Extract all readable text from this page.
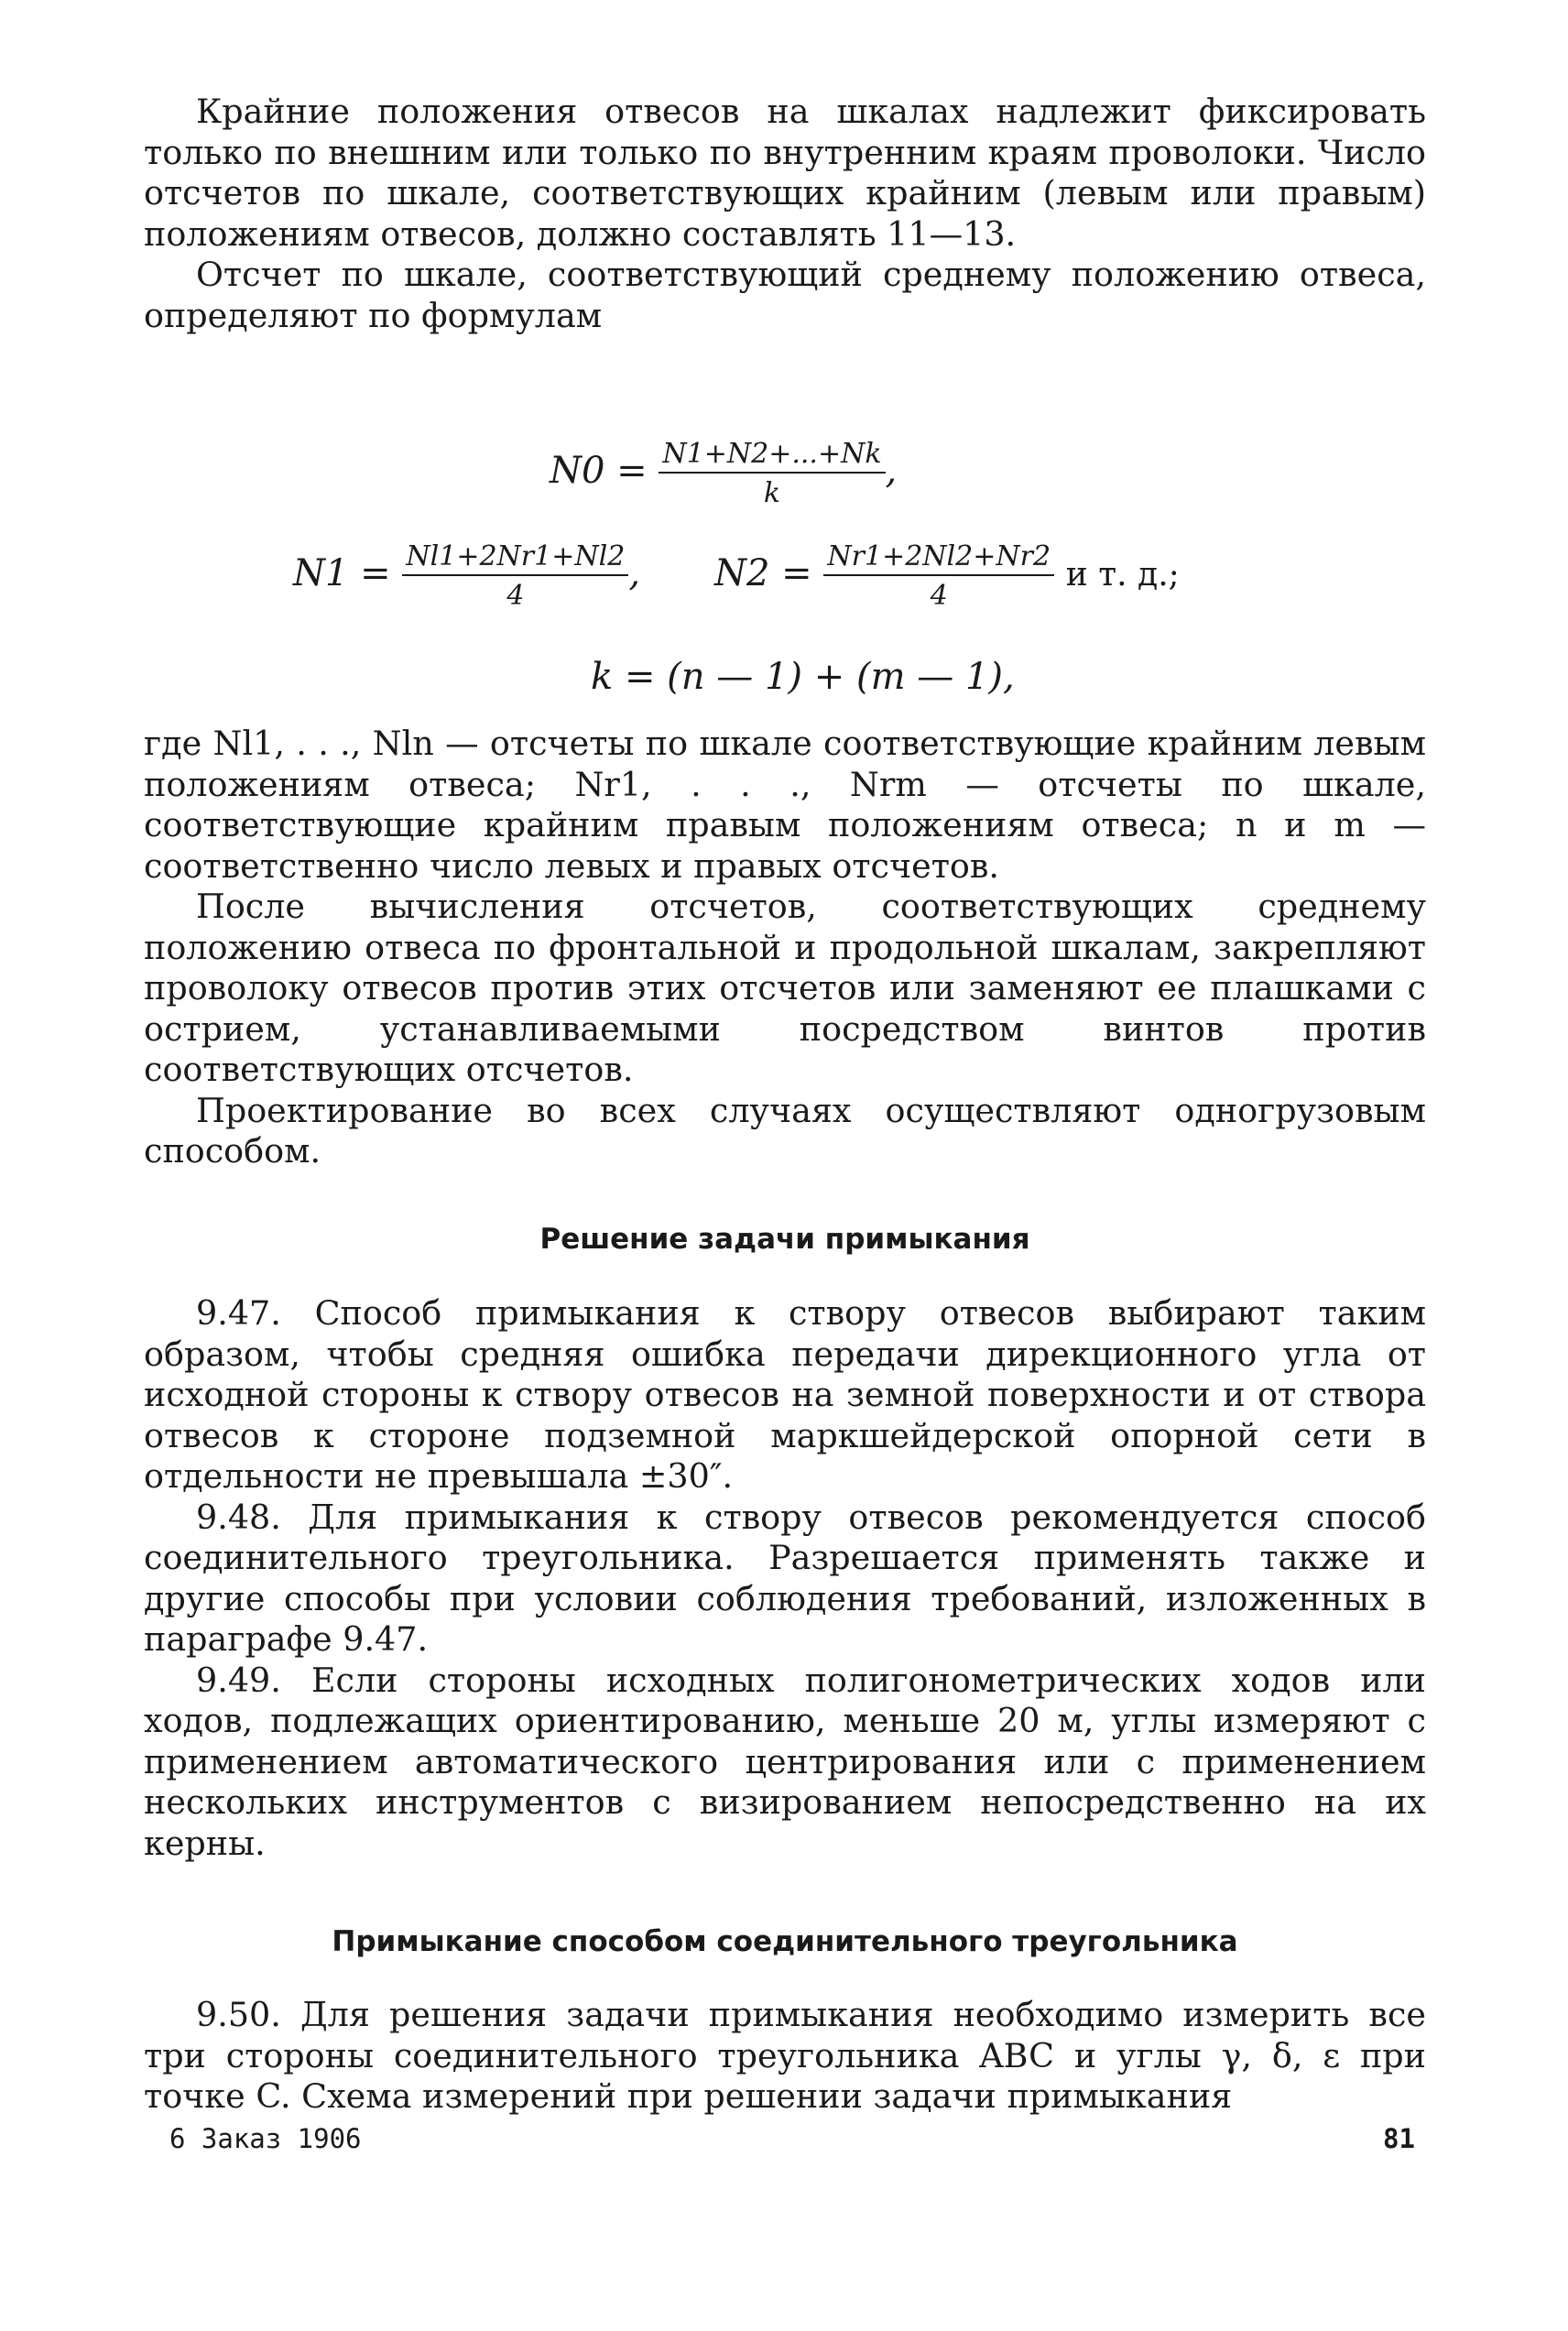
Крайние положения отвесов на шкалах надлежит фиксировать только по внешним или только по внутренним краям проволоки. Число отсчетов по шкале, соответствующих крайним (левым или правым) положениям отвесов, должно составлять 11—13.

Отсчет по шкале, соответствующий среднему положению отвеса, определяют по формулам

$N0 = \frac{N1+N2+...+Nk}{k}$ ,
$N1 = \frac{Nl1+2Nr1+Nl2}{4}$ , $N2 = \frac{Nr1+2Nl2+Nr2}{4}$ и т. д.;
k = (n — 1) + (m — 1),

где Nl1, . . ., Nln — отсчеты по шкале соответствующие крайним левым положениям отвеса; Nr1, . . ., Nrm — отсчеты по шкале, соответствующие крайним правым положениям отвеса; n и m — соответственно число левых и правых отсчетов.

После вычисления отсчетов, соответствующих среднему положению отвеса по фронтальной и продольной шкалам, закрепляют проволоку отвесов против этих отсчетов или заменяют ее плашками с острием, устанавливаемыми посредством винтов против соответствующих отсчетов.

Проектирование во всех случаях осуществляют одногрузовым способом.

Решение задачи примыкания

9.47. Способ примыкания к створу отвесов выбирают таким образом, чтобы средняя ошибка передачи дирекционного угла от исходной стороны к створу отвесов на земной поверхности и от створа отвесов к стороне подземной маркшейдерской опорной сети в отдельности не превышала ±30″.

9.48. Для примыкания к створу отвесов рекомендуется способ соединительного треугольника. Разрешается применять также и другие способы при условии соблюдения требований, изложенных в параграфе 9.47.

9.49. Если стороны исходных полигонометрических ходов или ходов, подлежащих ориентированию, меньше 20 м, углы измеряют с применением автоматического центрирования или с применением нескольких инструментов с визированием непосредственно на их керны.

Примыкание способом соединительного треугольника

9.50. Для решения задачи примыкания необходимо измерить все три стороны соединительного треугольника ABC и углы γ, δ, ε при точке C. Схема измерений при решении задачи примыкания

6 Заказ 1906	81
